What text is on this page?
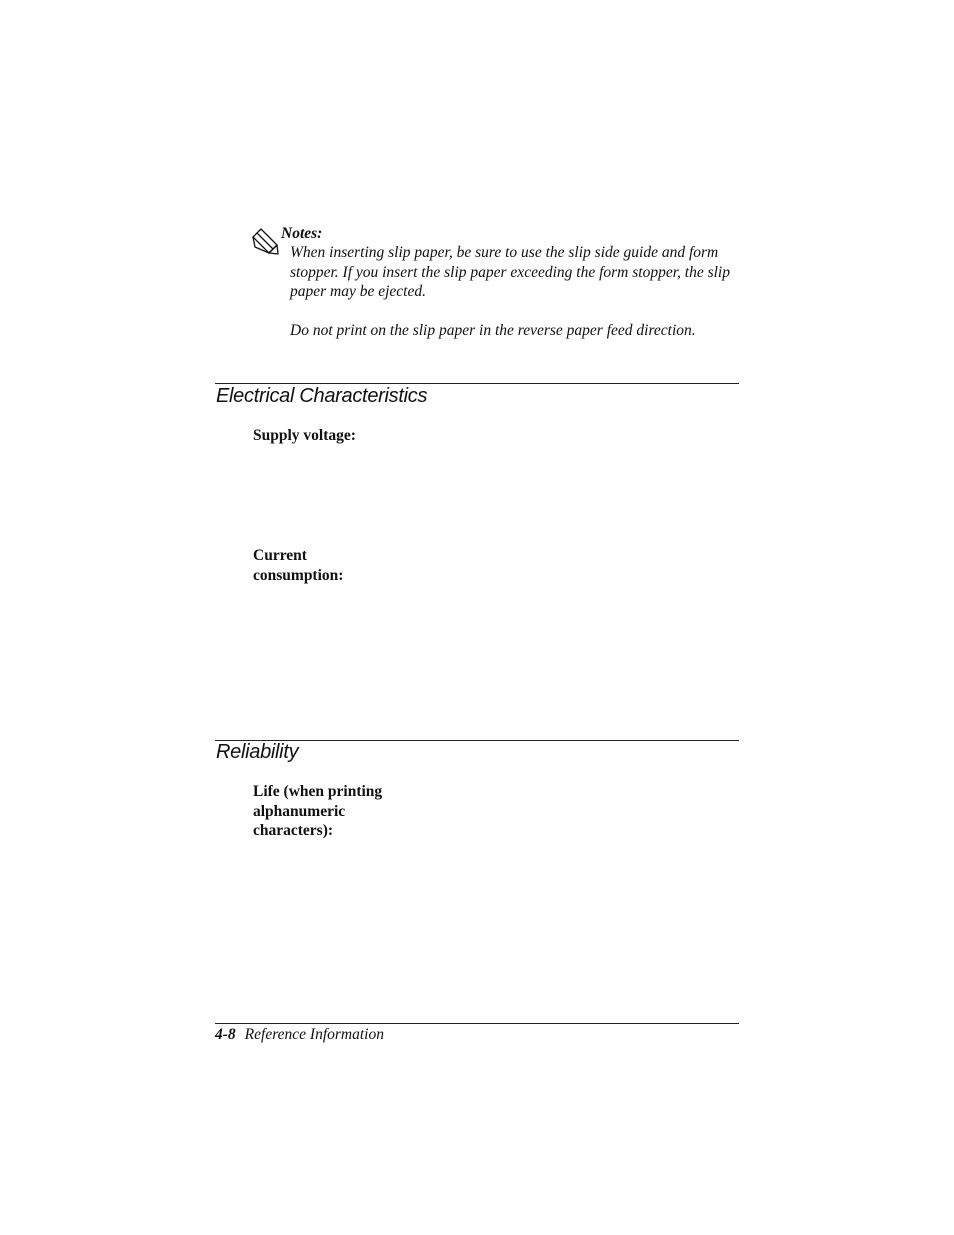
Notes:
When inserting slip paper, be sure to use the slip side guide and form stopper. If you insert the slip paper exceeding the form stopper, the slip paper may be ejected.
Do not print on the slip paper in the reverse paper feed direction.
Electrical Characteristics
Supply voltage:
Current
consumption:
Reliability
Life (when printing
alphanumeric
characters):
4-8 Reference Information
